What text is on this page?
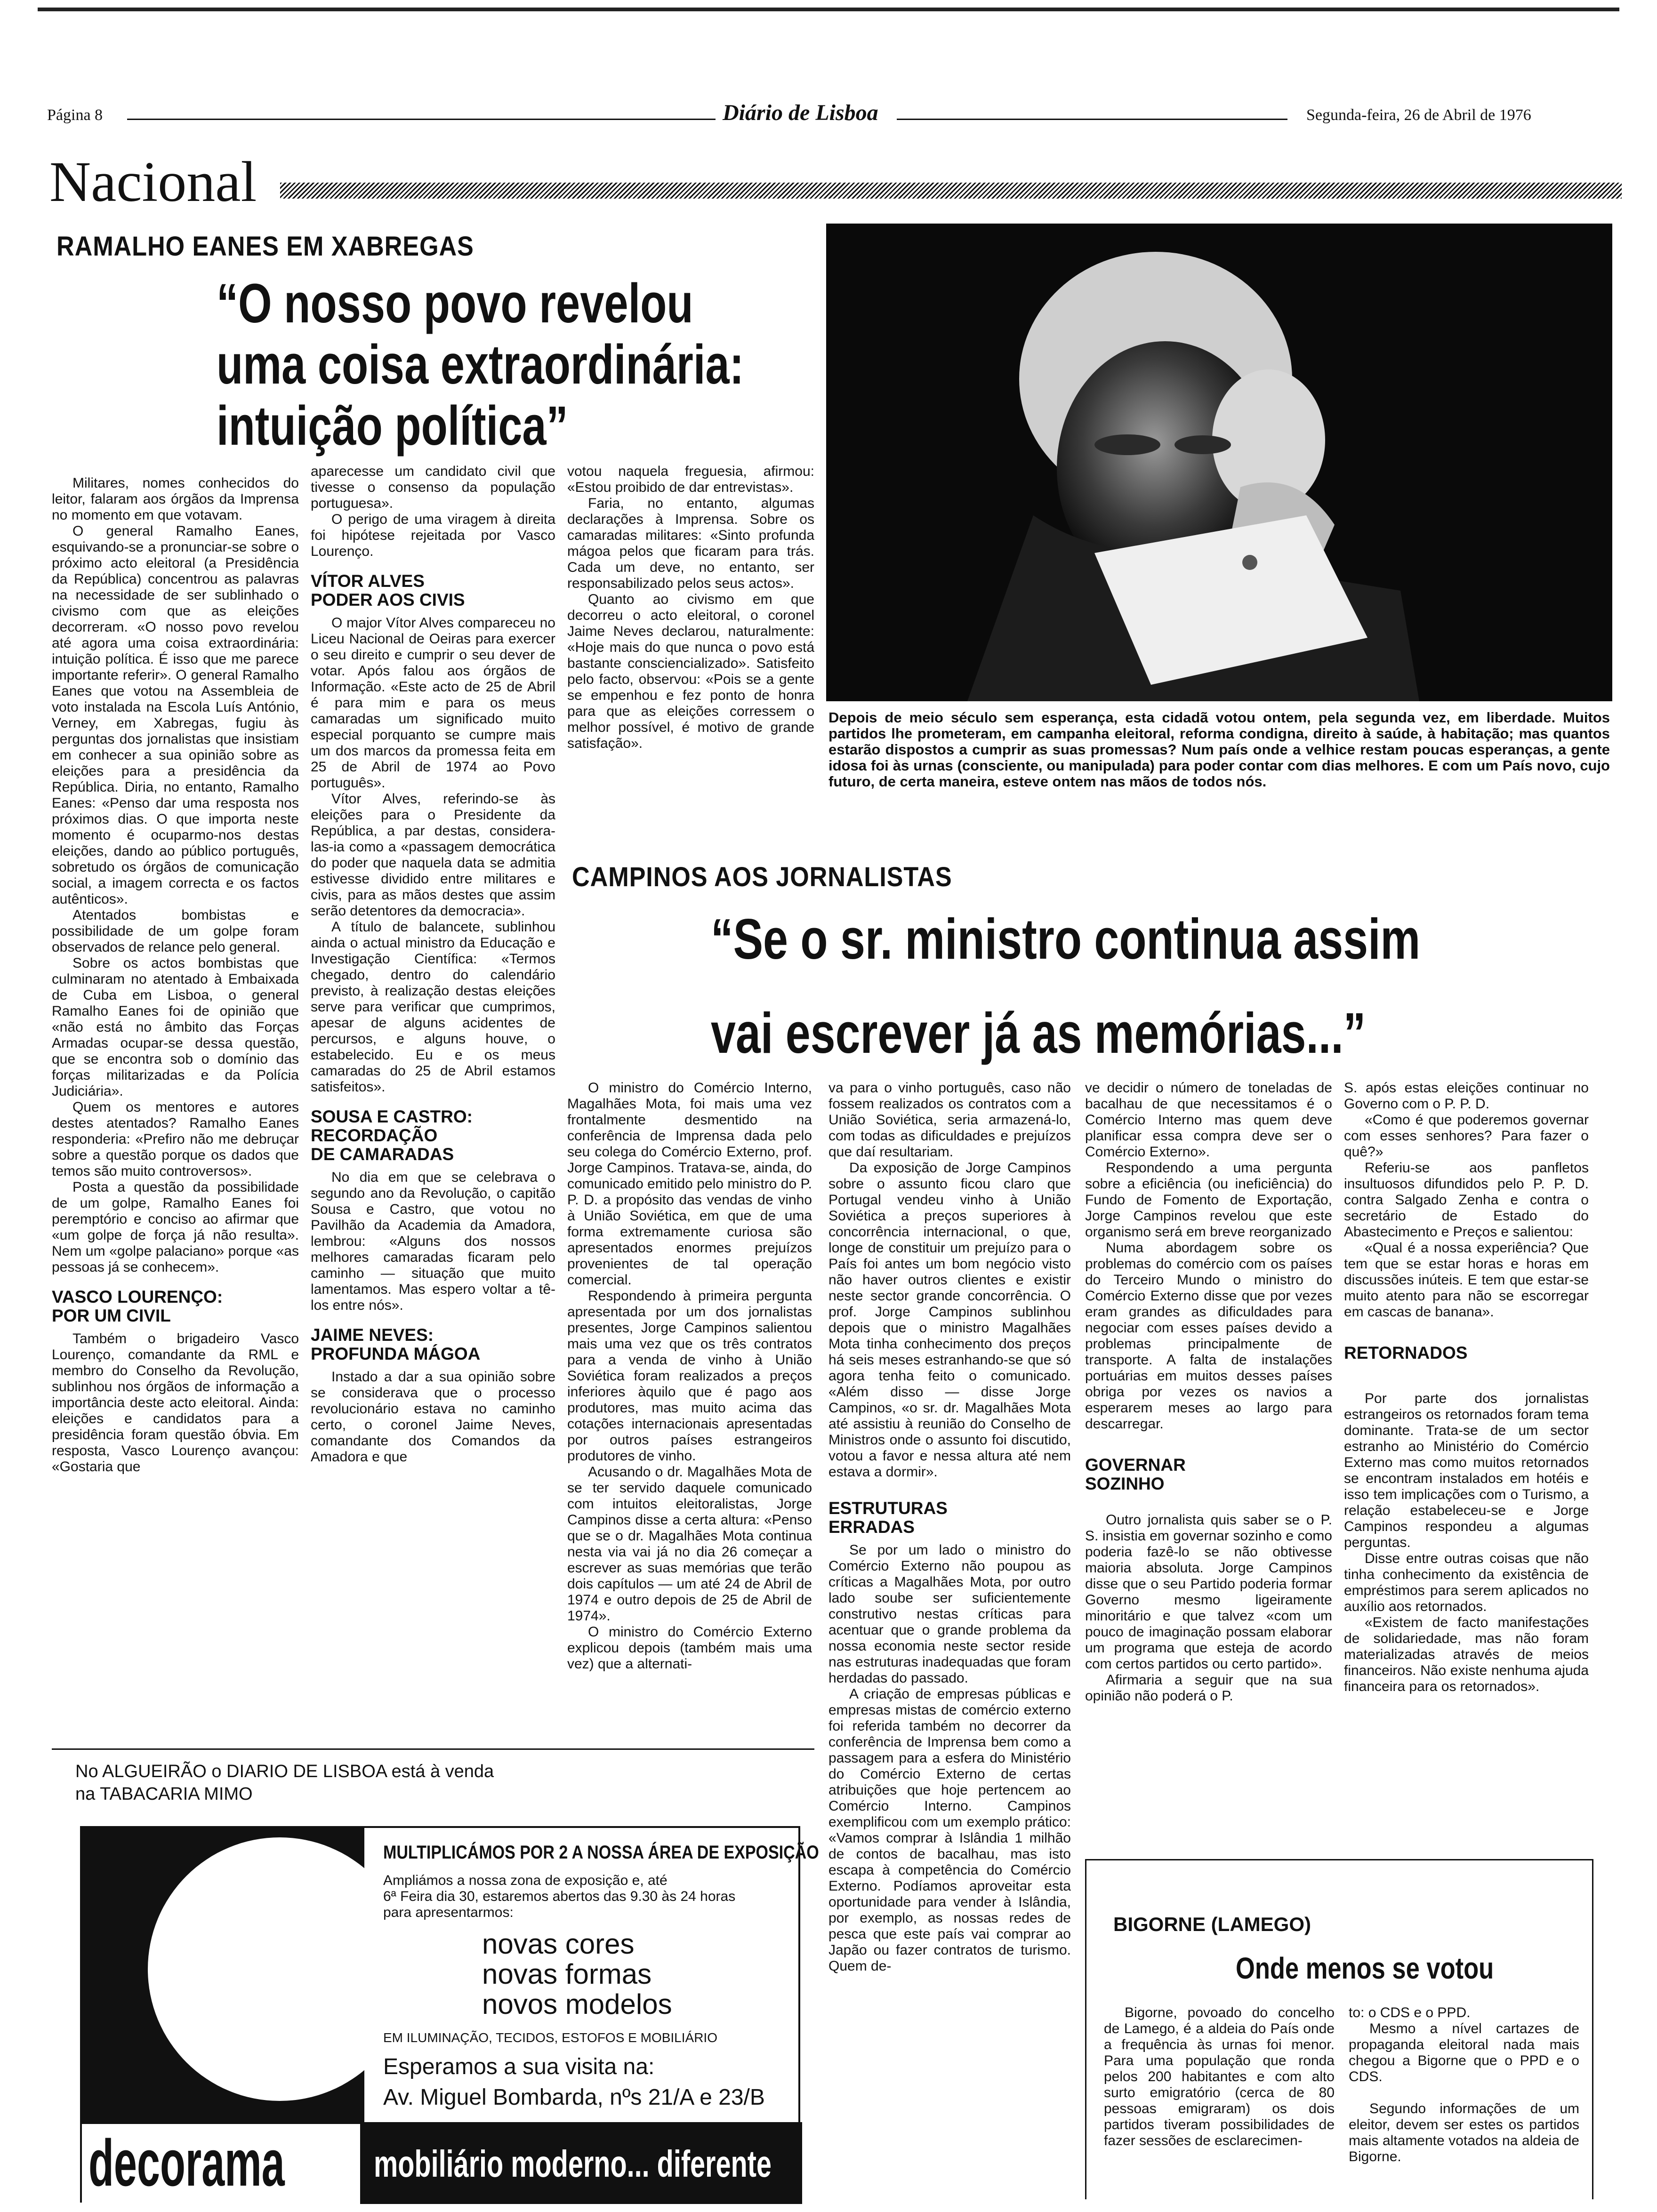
Página 8	Diário de Lisboa	Segunda-feira, 26 de Abril de 1976
Nacional
RAMALHO EANES EM XABREGAS
“O nosso povo revelou
uma coisa extraordinária:
intuição política”

Militares, nomes conhecidos do leitor, falaram aos órgãos da Imprensa no momento em que votavam.

O general Ramalho Eanes, esquivando-se a pronunciar-se sobre o próximo acto eleitoral (a Presidência da República) concentrou as palavras na necessidade de ser sublinhado o civismo com que as eleições decorreram. «O nosso povo revelou até agora uma coisa extraordinária: intuição política. É isso que me parece importante referir». O general Ramalho Eanes que votou na Assembleia de voto instalada na Escola Luís António, Verney, em Xabregas, fugiu às perguntas dos jornalistas que insistiam em conhecer a sua opinião sobre as eleições para a presidência da República. Diria, no entanto, Ramalho Eanes: «Penso dar uma resposta nos próximos dias. O que importa neste momento é ocuparmo-nos destas eleições, dando ao público português, sobretudo os órgãos de comunicação social, a imagem correcta e os factos autênticos».

Atentados bombistas e possibilidade de um golpe foram observados de relance pelo general.

Sobre os actos bombistas que culminaram no atentado à Embaixada de Cuba em Lisboa, o general Ramalho Eanes foi de opinião que «não está no âmbito das Forças Armadas ocupar-se dessa questão, que se encontra sob o domínio das forças militarizadas e da Polícia Judiciária».

Quem os mentores e autores destes atentados? Ramalho Eanes responderia: «Prefiro não me debruçar sobre a questão porque os dados que temos são muito controversos».

Posta a questão da possibilidade de um golpe, Ramalho Eanes foi peremptório e conciso ao afirmar que «um golpe de força já não resulta». Nem um «golpe palaciano» porque «as pessoas já se conhecem».

VASCO LOURENÇO:
POR UM CIVIL

Também o brigadeiro Vasco Lourenço, comandante da RML e membro do Conselho da Revolução, sublinhou nos órgãos de informação a importância deste acto eleitoral. Ainda: eleições e candidatos para a presidência foram questão óbvia. Em resposta, Vasco Lourenço avançou: «Gostaria que

aparecesse um candidato civil que tivesse o consenso da população portuguesa».

O perigo de uma viragem à direita foi hipótese rejeitada por Vasco Lourenço.

VÍTOR ALVES
PODER AOS CIVIS

O major Vítor Alves compareceu no Liceu Nacional de Oeiras para exercer o seu direito e cumprir o seu dever de votar. Após falou aos órgãos de Informação. «Este acto de 25 de Abril é para mim e para os meus camaradas um significado muito especial porquanto se cumpre mais um dos marcos da promessa feita em 25 de Abril de 1974 ao Povo português».

Vítor Alves, referindo-se às eleições para o Presidente da República, a par destas, considera-las-ia como a «passagem democrática do poder que naquela data se admitia estivesse dividido entre militares e civis, para as mãos destes que assim serão detentores da democracia».

A título de balancete, sublinhou ainda o actual ministro da Educação e Investigação Científica: «Termos chegado, dentro do calendário previsto, à realização destas eleições serve para verificar que cumprimos, apesar de alguns acidentes de percursos, e alguns houve, o estabelecido. Eu e os meus camaradas do 25 de Abril estamos satisfeitos».

SOUSA E CASTRO:
RECORDAÇÃO
DE CAMARADAS

No dia em que se celebrava o segundo ano da Revolução, o capitão Sousa e Castro, que votou no Pavilhão da Academia da Amadora, lembrou: «Alguns dos nossos melhores camaradas ficaram pelo caminho — situação que muito lamentamos. Mas espero voltar a tê-los entre nós».

JAIME NEVES:
PROFUNDA MÁGOA

Instado a dar a sua opinião sobre se considerava que o processo revolucionário estava no caminho certo, o coronel Jaime Neves, comandante dos Comandos da Amadora e que

votou naquela freguesia, afirmou: «Estou proibido de dar entrevistas».

Faria, no entanto, algumas declarações à Imprensa. Sobre os camaradas militares: «Sinto profunda mágoa pelos que ficaram para trás. Cada um deve, no entanto, ser responsabilizado pelos seus actos».

Quanto ao civismo em que decorreu o acto eleitoral, o coronel Jaime Neves declarou, naturalmente: «Hoje mais do que nunca o povo está bastante consciencializado». Satisfeito pelo facto, observou: «Pois se a gente se empenhou e fez ponto de honra para que as eleições corressem o melhor possível, é motivo de grande satisfação».

Depois de meio século sem esperança, esta cidadã votou ontem, pela segunda vez, em liberdade. Muitos partidos lhe prometeram, em campanha eleitoral, reforma condigna, direito à saúde, à habitação; mas quantos estarão dispostos a cumprir as suas promessas? Num país onde a velhice restam poucas esperanças, a gente idosa foi às urnas (consciente, ou manipulada) para poder contar com dias melhores. E com um País novo, cujo futuro, de certa maneira, esteve ontem nas mãos de todos nós.
CAMPINOS AOS JORNALISTAS
“Se o sr. ministro continua assim
vai escrever já as memórias...”

O ministro do Comércio Interno, Magalhães Mota, foi mais uma vez frontalmente desmentido na conferência de Imprensa dada pelo seu colega do Comércio Externo, prof. Jorge Campinos. Tratava-se, ainda, do comunicado emitido pelo ministro do P. P. D. a propósito das vendas de vinho à União Soviética, em que de uma forma extremamente curiosa são apresentados enormes prejuízos provenientes de tal operação comercial.

Respondendo à primeira pergunta apresentada por um dos jornalistas presentes, Jorge Campinos salientou mais uma vez que os três contratos para a venda de vinho à União Soviética foram realizados a preços inferiores àquilo que é pago aos produtores, mas muito acima das cotações internacionais apresentadas por outros países estrangeiros produtores de vinho.

Acusando o dr. Magalhães Mota de se ter servido daquele comunicado com intuitos eleitoralistas, Jorge Campinos disse a certa altura: «Penso que se o dr. Magalhães Mota continua nesta via vai já no dia 26 começar a escrever as suas memórias que terão dois capítulos — um até 24 de Abril de 1974 e outro depois de 25 de Abril de 1974».

O ministro do Comércio Externo explicou depois (também mais uma vez) que a alternati-

va para o vinho português, caso não fossem realizados os contratos com a União Soviética, seria armazená-lo, com todas as dificuldades e prejuízos que daí resultariam.

Da exposição de Jorge Campinos sobre o assunto ficou claro que Portugal vendeu vinho à União Soviética a preços superiores à concorrência internacional, o que, longe de constituir um prejuízo para o País foi antes um bom negócio visto não haver outros clientes e existir neste sector grande concorrência. O prof. Jorge Campinos sublinhou depois que o ministro Magalhães Mota tinha conhecimento dos preços há seis meses estranhando-se que só agora tenha feito o comunicado. «Além disso — disse Jorge Campinos, «o sr. dr. Magalhães Mota até assistiu à reunião do Conselho de Ministros onde o assunto foi discutido, votou a favor e nessa altura até nem estava a dormir».

ESTRUTURAS
ERRADAS

Se por um lado o ministro do Comércio Externo não poupou as críticas a Magalhães Mota, por outro lado soube ser suficientemente construtivo nestas críticas para acentuar que o grande problema da nossa economia neste sector reside nas estruturas inadequadas que foram herdadas do passado.

A criação de empresas públicas e empresas mistas de comércio externo foi referida também no decorrer da conferência de Imprensa bem como a passagem para a esfera do Ministério do Comércio Externo de certas atribuições que hoje pertencem ao Comércio Interno. Campinos exemplificou com um exemplo prático: «Vamos comprar à Islândia 1 milhão de contos de bacalhau, mas isto escapa à competência do Comércio Externo. Podíamos aproveitar esta oportunidade para vender à Islândia, por exemplo, as nossas redes de pesca que este país vai comprar ao Japão ou fazer contratos de turismo. Quem de-

ve decidir o número de toneladas de bacalhau de que necessitamos é o Comércio Interno mas quem deve planificar essa compra deve ser o Comércio Externo».

Respondendo a uma pergunta sobre a eficiência (ou ineficiência) do Fundo de Fomento de Exportação, Jorge Campinos revelou que este organismo será em breve reorganizado

Numa abordagem sobre os problemas do comércio com os países do Terceiro Mundo o ministro do Comércio Externo disse que por vezes eram grandes as dificuldades para negociar com esses países devido a problemas principalmente de transporte. A falta de instalações portuárias em muitos desses países obriga por vezes os navios a esperarem meses ao largo para descarregar.

GOVERNAR
SOZINHO

Outro jornalista quis saber se o P. S. insistia em governar sozinho e como poderia fazê-lo se não obtivesse maioria absoluta. Jorge Campinos disse que o seu Partido poderia formar Governo mesmo ligeiramente minoritário e que talvez «com um pouco de imaginação possam elaborar um programa que esteja de acordo com certos partidos ou certo partido».

Afirmaria a seguir que na sua opinião não poderá o P.

S. após estas eleições continuar no Governo com o P. P. D.

«Como é que poderemos governar com esses senhores? Para fazer o quê?»

Referiu-se aos panfletos insultuosos difundidos pelo P. P. D. contra Salgado Zenha e contra o secretário de Estado do Abastecimento e Preços e salientou:

«Qual é a nossa experiência? Que tem que se estar horas e horas em discussões inúteis. E tem que estar-se muito atento para não se escorregar em cascas de banana».

RETORNADOS

Por parte dos jornalistas estrangeiros os retornados foram tema dominante. Trata-se de um sector estranho ao Ministério do Comércio Externo mas como muitos retornados se encontram instalados em hotéis e isso tem implicações com o Turismo, a relação estabeleceu-se e Jorge Campinos respondeu a algumas perguntas.

Disse entre outras coisas que não tinha conhecimento da existência de empréstimos para serem aplicados no auxílio aos retornados.

«Existem de facto manifestações de solidariedade, mas não foram materializadas através de meios financeiros. Não existe nenhuma ajuda financeira para os retornados».

No ALGUEIRÃO o DIARIO DE LISBOA está à venda
na TABACARIA MIMO
MULTIPLICÁMOS POR 2 A NOSSA ÁREA DE EXPOSIÇÃO
Ampliámos a nossa zona de exposição e, até
6ª Feira dia 30, estaremos abertos das 9.30 às 24 horas
para apresentarmos:
novas cores
novas formas
novos modelos
EM ILUMINAÇÃO, TECIDOS, ESTOFOS E MOBILIÁRIO
Esperamos a sua visita na:
Av. Miguel Bombarda, nºs 21/A e 23/B
decorama mobiliário moderno... diferente
BIGORNE (LAMEGO)
Onde menos se votou

Bigorne, povoado do concelho de Lamego, é a aldeia do País onde a frequência às urnas foi menor. Para uma população que ronda pelos 200 habitantes e com alto surto emigratório (cerca de 80 pessoas emigraram) os dois partidos tiveram possibilidades de fazer sessões de esclarecimen-

to: o CDS e o PPD.

Mesmo a nível cartazes de propaganda eleitoral nada mais chegou a Bigorne que o PPD e o CDS.

Segundo informações de um eleitor, devem ser estes os partidos mais altamente votados na aldeia de Bigorne.
